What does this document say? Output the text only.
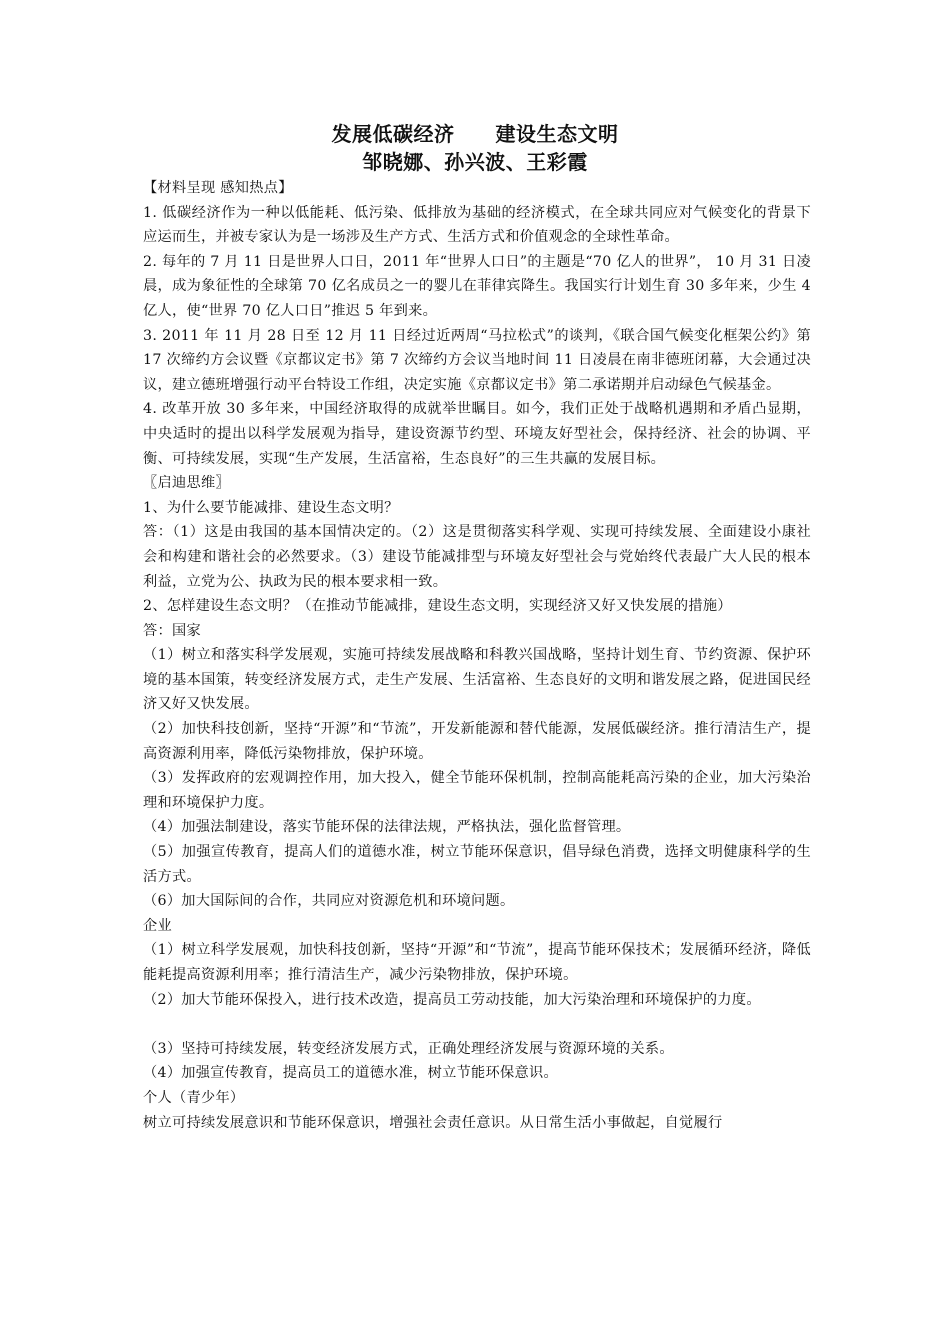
发展低碳经济　　建设生态文明
邹晓娜、孙兴波、王彩霞

【材料呈现 感知热点】

1. 低碳经济作为一种以低能耗、低污染、低排放为基础的经济模式，在全球共同应对气候变化的背景下应运而生，并被专家认为是一场涉及生产方式、生活方式和价值观念的全球性革命。

2. 每年的 7 月 11 日是世界人口日，2011 年“世界人口日”的主题是“70 亿人的世界”， 10 月 31 日凌晨，成为象征性的全球第 70 亿名成员之一的婴儿在菲律宾降生。我国实行计划生育 30 多年来，少生 4 亿人，使“世界 70 亿人口日”推迟 5 年到来。

3. 2011 年 11 月 28 日至 12 月 11 日经过近两周“马拉松式”的谈判，《联合国气候变化框架公约》第 17 次缔约方会议暨《京都议定书》第 7 次缔约方会议当地时间 11 日凌晨在南非德班闭幕，大会通过决议，建立德班增强行动平台特设工作组，决定实施《京都议定书》第二承诺期并启动绿色气候基金。

4. 改革开放 30 多年来，中国经济取得的成就举世瞩目。如今，我们正处于战略机遇期和矛盾凸显期，中央适时的提出以科学发展观为指导，建设资源节约型、环境友好型社会，保持经济、社会的协调、平衡、可持续发展，实现“生产发展，生活富裕，生态良好”的三生共赢的发展目标。

〖启迪思维〗

1、为什么要节能减排、建设生态文明？

答：（1）这是由我国的基本国情决定的。（2）这是贯彻落实科学观、实现可持续发展、全面建设小康社会和构建和谐社会的必然要求。（3）建设节能减排型与环境友好型社会与党始终代表最广大人民的根本利益，立党为公、执政为民的根本要求相一致。

2、怎样建设生态文明？（在推动节能减排，建设生态文明，实现经济又好又快发展的措施）

答：国家

（1）树立和落实科学发展观，实施可持续发展战略和科教兴国战略，坚持计划生育、节约资源、保护环境的基本国策，转变经济发展方式，走生产发展、生活富裕、生态良好的文明和谐发展之路，促进国民经济又好又快发展。

（2）加快科技创新，坚持“开源”和“节流”，开发新能源和替代能源，发展低碳经济。推行清洁生产，提高资源利用率，降低污染物排放，保护环境。

（3）发挥政府的宏观调控作用，加大投入，健全节能环保机制，控制高能耗高污染的企业，加大污染治理和环境保护力度。

（4）加强法制建设，落实节能环保的法律法规，严格执法，强化监督管理。

（5）加强宣传教育，提高人们的道德水准，树立节能环保意识，倡导绿色消费，选择文明健康科学的生活方式。

（6）加大国际间的合作，共同应对资源危机和环境问题。

企业

（1）树立科学发展观，加快科技创新，坚持“开源”和“节流”，提高节能环保技术；发展循环经济，降低能耗提高资源利用率；推行清洁生产，减少污染物排放，保护环境。

（2）加大节能环保投入，进行技术改造，提高员工劳动技能，加大污染治理和环境保护的力度。

（3）坚持可持续发展，转变经济发展方式，正确处理经济发展与资源环境的关系。

（4）加强宣传教育，提高员工的道德水准，树立节能环保意识。

个人（青少年）

树立可持续发展意识和节能环保意识，增强社会责任意识。从日常生活小事做起，自觉履行
